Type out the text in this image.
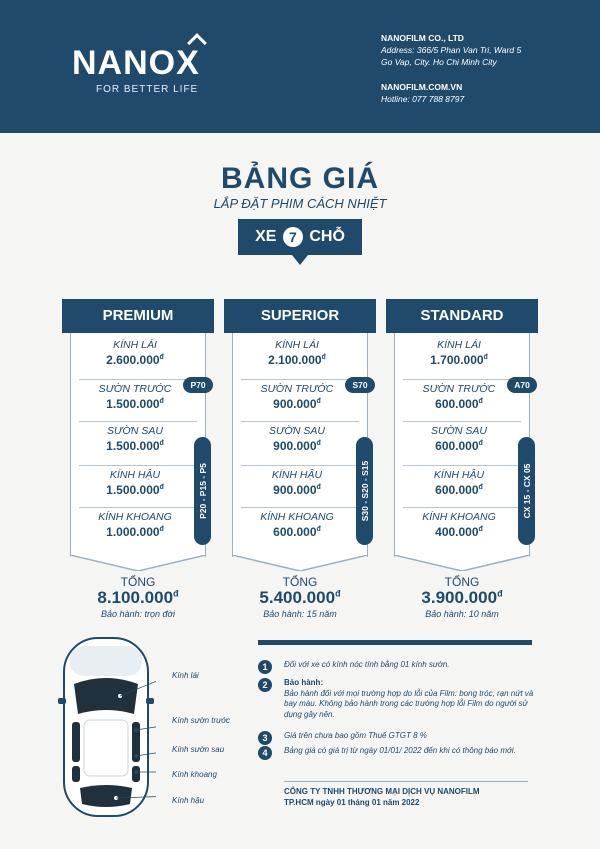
NANOX
FOR BETTER LIFE
NANOFILM CO., LTD
Address: 366/5 Phan Van Tri, Ward 5
Go Vap, City. Ho Chi Minh City
NANOFILM.COM.VN
Hotline: 077 788 8797
BẢNG GIÁ
LẮP ĐẶT PHIM CÁCH NHIỆT
XE 7 CHỖ
KÍNH LÁI
$2.600.000^đ$
SƯỜN TRƯỚC
$1.500.000^đ$
SƯỜN SAU
$1.500.000^đ$
KÍNH HẬU
$1.500.000^đ$
KÍNH KHOANG
$1.000.000^đ$
P70
P20 - P15 - P5
PREMIUM
TỔNG
$8.100.000^đ$
Bảo hành: trọn đời
KÍNH LÁI
$2.100.000^đ$
SƯỜN TRƯỚC
$900.000^đ$
SƯỜN SAU
$900.000^đ$
KÍNH HẬU
$900.000^đ$
KÍNH KHOANG
$600.000^đ$
S70
S30 - S20 - S15
SUPERIOR
TỔNG
$5.400.000^đ$
Bảo hành: 15 năm
KÍNH LÁI
$1.700.000^đ$
SƯỜN TRƯỚC
$600.000^đ$
SƯỜN SAU
$600.000^đ$
KÍNH HẬU
$600.000^đ$
KÍNH KHOANG
$400.000^đ$
A70
CX 15 - CX 05
STANDARD
TỔNG
$3.900.000^đ$
Bảo hành: 10 năm
Kính lái
Kính sườn trước
Kính sườn sau
Kính khoang
Kính hậu
1	Đối với xe có kính nóc tính bằng 01 kính sườn.
2	Bảo hành:
Bảo hành đối với mọi trường hợp do lỗi của Film: bong tróc, rạn nứt và bay màu. Không bảo hành trong các trường hợp lỗi Film do người sử dụng gây nên.
3	Giá trên chưa bao gồm Thuế GTGT 8 %
4	Bảng giá có giá trị từ ngày 01/01/ 2022 đến khi có thông báo mới.
CÔNG TY TNHH THƯƠNG MẠI DỊCH VỤ NANOFILM
TP.HCM ngày 01 tháng 01 năm 2022
